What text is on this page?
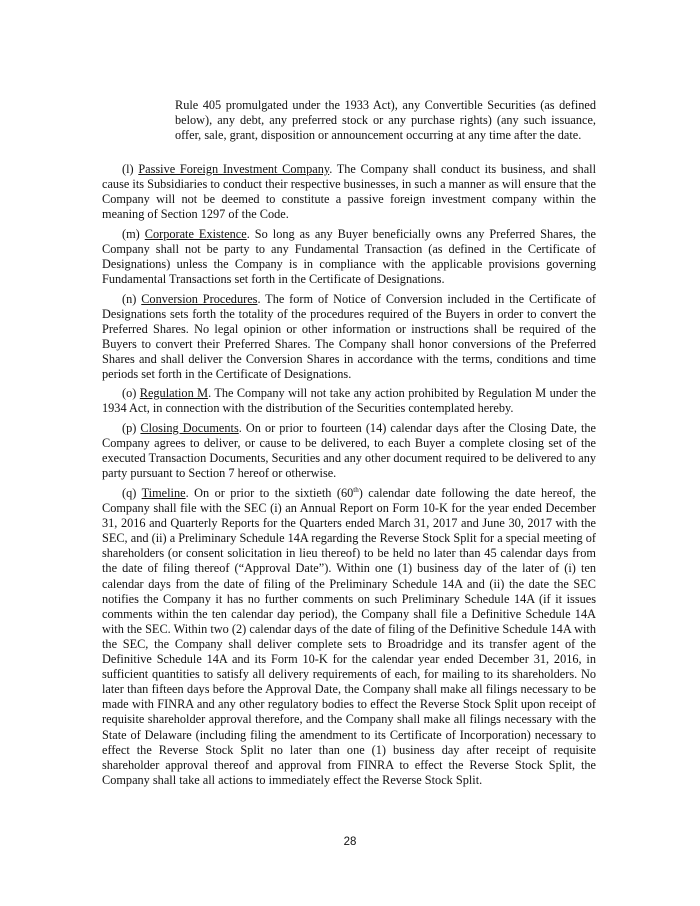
Rule 405 promulgated under the 1933 Act), any Convertible Securities (as defined below), any debt, any preferred stock or any purchase rights) (any such issuance, offer, sale, grant, disposition or announcement occurring at any time after the date.

(l) Passive Foreign Investment Company. The Company shall conduct its business, and shall cause its Subsidiaries to conduct their respective businesses, in such a manner as will ensure that the Company will not be deemed to constitute a passive foreign investment company within the meaning of Section 1297 of the Code.

(m) Corporate Existence. So long as any Buyer beneficially owns any Preferred Shares, the Company shall not be party to any Fundamental Transaction (as defined in the Certificate of Designations) unless the Company is in compliance with the applicable provisions governing Fundamental Transactions set forth in the Certificate of Designations.

(n) Conversion Procedures. The form of Notice of Conversion included in the Certificate of Designations sets forth the totality of the procedures required of the Buyers in order to convert the Preferred Shares. No legal opinion or other information or instructions shall be required of the Buyers to convert their Preferred Shares. The Company shall honor conversions of the Preferred Shares and shall deliver the Conversion Shares in accordance with the terms, conditions and time periods set forth in the Certificate of Designations.

(o) Regulation M. The Company will not take any action prohibited by Regulation M under the 1934 Act, in connection with the distribution of the Securities contemplated hereby.

(p) Closing Documents. On or prior to fourteen (14) calendar days after the Closing Date, the Company agrees to deliver, or cause to be delivered, to each Buyer a complete closing set of the executed Transaction Documents, Securities and any other document required to be delivered to any party pursuant to Section 7 hereof or otherwise.

(q) Timeline. On or prior to the sixtieth (60th) calendar date following the date hereof, the Company shall file with the SEC (i) an Annual Report on Form 10-K for the year ended December 31, 2016 and Quarterly Reports for the Quarters ended March 31, 2017 and June 30, 2017 with the SEC, and (ii) a Preliminary Schedule 14A regarding the Reverse Stock Split for a special meeting of shareholders (or consent solicitation in lieu thereof) to be held no later than 45 calendar days from the date of filing thereof (“Approval Date”). Within one (1) business day of the later of (i) ten calendar days from the date of filing of the Preliminary Schedule 14A and (ii) the date the SEC notifies the Company it has no further comments on such Preliminary Schedule 14A (if it issues comments within the ten calendar day period), the Company shall file a Definitive Schedule 14A with the SEC. Within two (2) calendar days of the date of filing of the Definitive Schedule 14A with the SEC, the Company shall deliver complete sets to Broadridge and its transfer agent of the Definitive Schedule 14A and its Form 10-K for the calendar year ended December 31, 2016, in sufficient quantities to satisfy all delivery requirements of each, for mailing to its shareholders. No later than fifteen days before the Approval Date, the Company shall make all filings necessary to be made with FINRA and any other regulatory bodies to effect the Reverse Stock Split upon receipt of requisite shareholder approval therefore, and the Company shall make all filings necessary with the State of Delaware (including filing the amendment to its Certificate of Incorporation) necessary to effect the Reverse Stock Split no later than one (1) business day after receipt of requisite shareholder approval thereof and approval from FINRA to effect the Reverse Stock Split, the Company shall take all actions to immediately effect the Reverse Stock Split.

28
